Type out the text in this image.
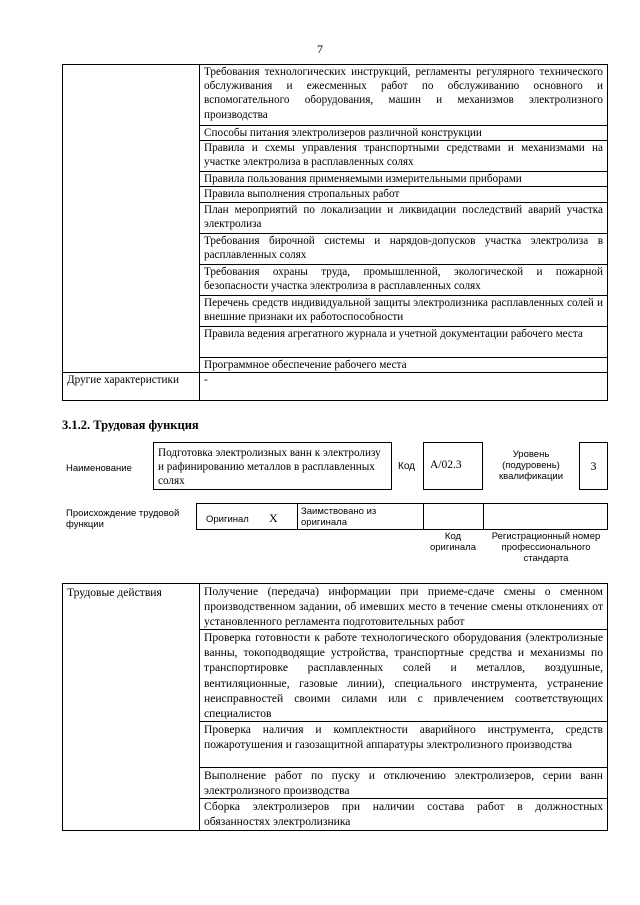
7
	Требования технологических инструкций, регламенты регулярного технического обслуживания и ежесменных работ по обслуживанию основного и вспомогательного оборудования, машин и механизмов электролизного производства
	Способы питания электролизеров различной конструкции
	Правила и схемы управления транспортными средствами и механизмами на участке электролиза в расплавленных солях
	Правила пользования применяемыми измерительными приборами
	Правила выполнения стропальных работ
	План мероприятий по локализации и ликвидации последствий аварий участка электролиза
	Требования бирочной системы и нарядов-допусков участка электролиза в расплавленных солях
	Требования охраны труда, промышленной, экологической и пожарной безопасности участка электролиза в расплавленных солях
	Перечень средств индивидуальной защиты электролизника расплавленных солей и внешние признаки их работоспособности
	Правила ведения агрегатного журнала и учетной документации рабочего места
	Программное обеспечение рабочего места
Другие характеристики	-
3.1.2. Трудовая функция
Наименование
Подготовка электролизных ванн к электролизу и рафинированию металлов в расплавленных солях
Код	А/02.3
Уровень (подуровень) квалификации
3
Происхождение трудовой функции	Оригинал X Заимствовано из оригинала
Код оригинала
Регистрационный номер профессионального стандарта
Трудовые действия	Получение (передача) информации при приеме-сдаче смены о сменном производственном задании, об имевших место в течение смены отклонениях от установленного регламента подготовительных работ
Проверка готовности к работе технологического оборудования (электролизные ванны, токоподводящие устройства, транспортные средства и механизмы по транспортировке расплавленных солей и металлов, воздушные, вентиляционные, газовые линии), специального инструмента, устранение неисправностей своими силами или с привлечением соответствующих специалистов
Проверка наличия и комплектности аварийного инструмента, средств пожаротушения и газозащитной аппаратуры электролизного производства
Выполнение работ по пуску и отключению электролизеров, серии ванн электролизного производства
Сборка электролизеров при наличии состава работ в должностных обязанностях электролизника
